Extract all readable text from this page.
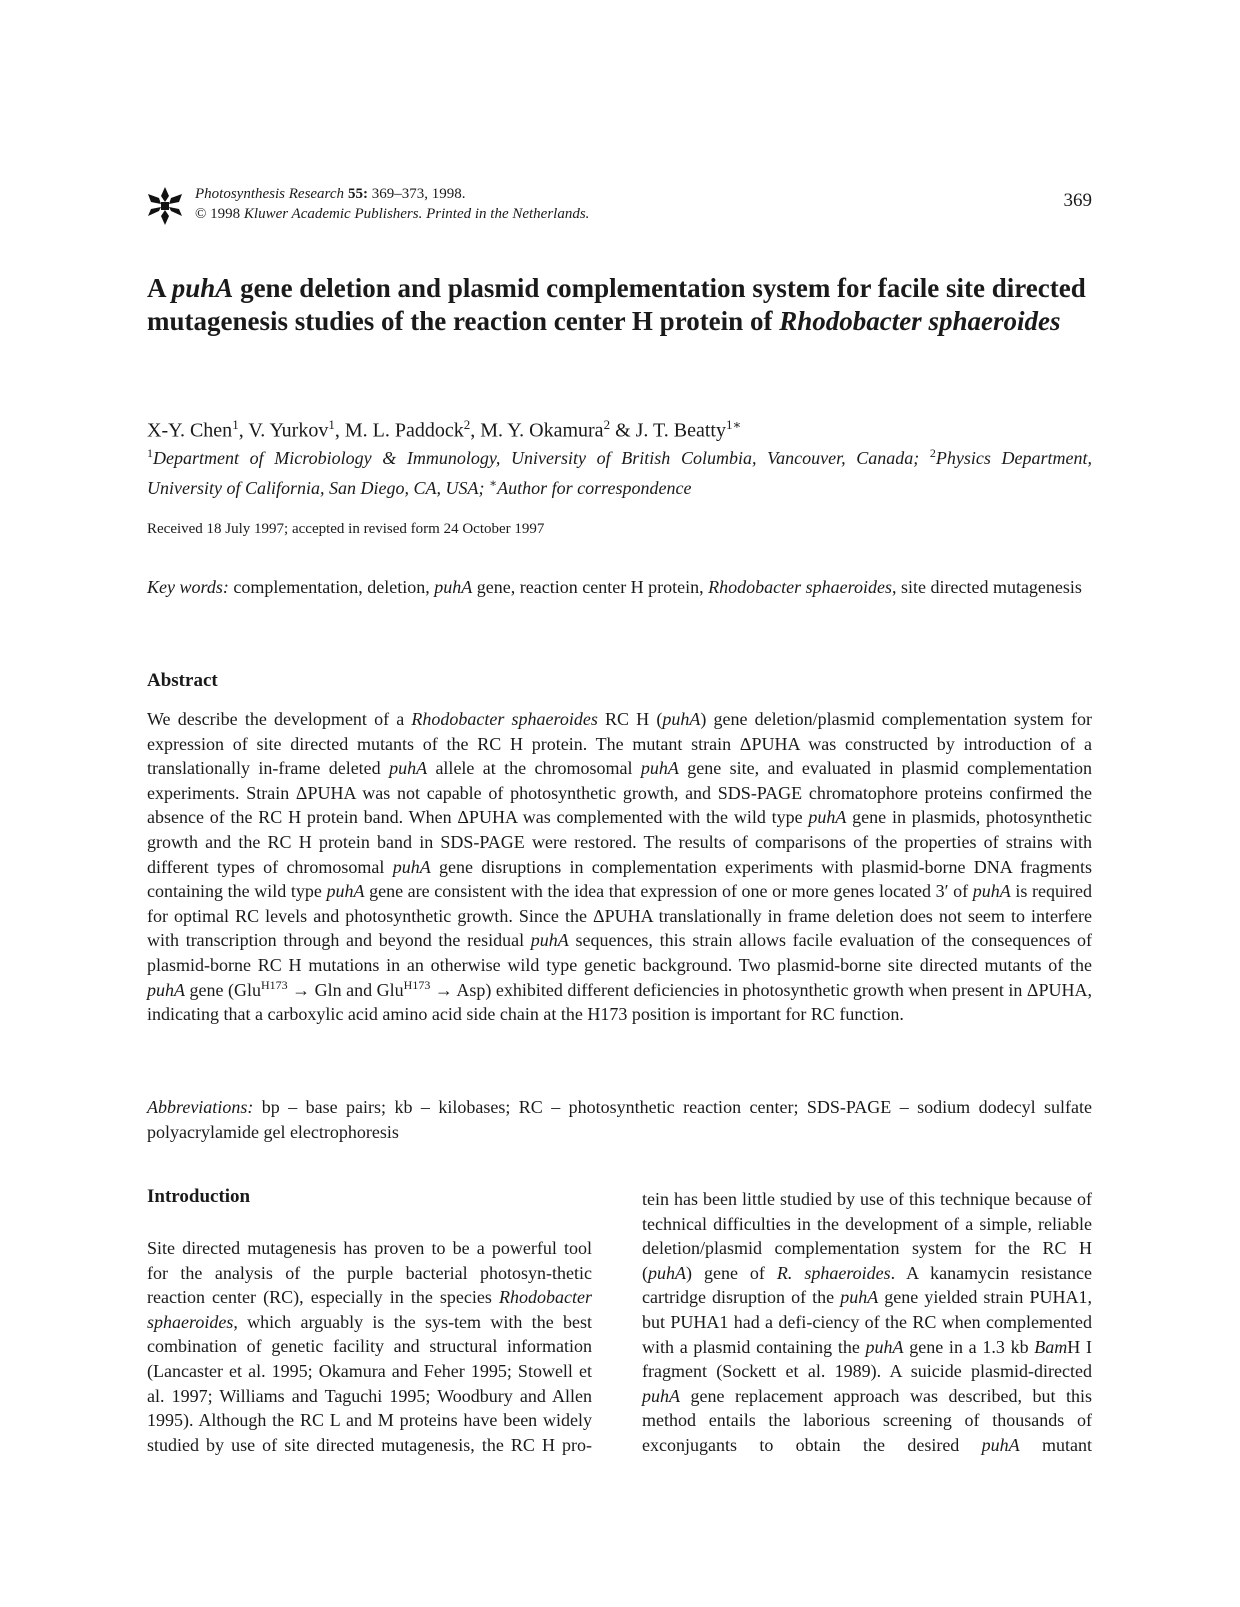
Photosynthesis Research 55: 369–373, 1998.
© 1998 Kluwer Academic Publishers. Printed in the Netherlands.
369
A puhA gene deletion and plasmid complementation system for facile site directed mutagenesis studies of the reaction center H protein of Rhodobacter sphaeroides
X-Y. Chen$^1$, V. Yurkov$^1$, M. L. Paddock$^2$, M. Y. Okamura$^2$ & J. T. Beatty$^{1∗}$
$^1$Department of Microbiology & Immunology, University of British Columbia, Vancouver, Canada; $^2$Physics Department, University of California, San Diego, CA, USA; ∗Author for correspondence
Received 18 July 1997; accepted in revised form 24 October 1997
Key words: complementation, deletion, puhA gene, reaction center H protein, Rhodobacter sphaeroides, site directed mutagenesis
Abstract

We describe the development of a Rhodobacter sphaeroides RC H (puhA) gene deletion/plasmid complementation system for expression of site directed mutants of the RC H protein. The mutant strain ΔPUHA was constructed by introduction of a translationally in-frame deleted puhA allele at the chromosomal puhA gene site, and evaluated in plasmid complementation experiments. Strain ΔPUHA was not capable of photosynthetic growth, and SDS-PAGE chromatophore proteins confirmed the absence of the RC H protein band. When ΔPUHA was complemented with the wild type puhA gene in plasmids, photosynthetic growth and the RC H protein band in SDS-PAGE were restored. The results of comparisons of the properties of strains with different types of chromosomal puhA gene disruptions in complementation experiments with plasmid-borne DNA fragments containing the wild type puhA gene are consistent with the idea that expression of one or more genes located 3′ of puhA is required for optimal RC levels and photosynthetic growth. Since the ΔPUHA translationally in frame deletion does not seem to interfere with transcription through and beyond the residual puhA sequences, this strain allows facile evaluation of the consequences of plasmid-borne RC H mutations in an otherwise wild type genetic background. Two plasmid-borne site directed mutants of the puhA gene (Glu$^{H173}$ → Gln and Glu$^{H173}$ → Asp) exhibited different deficiencies in photosynthetic growth when present in ΔPUHA, indicating that a carboxylic acid amino acid side chain at the H173 position is important for RC function.

Abbreviations: bp – base pairs; kb – kilobases; RC – photosynthetic reaction center; SDS-PAGE – sodium dodecyl sulfate polyacrylamide gel electrophoresis

Introduction

Site directed mutagenesis has proven to be a powerful tool for the analysis of the purple bacterial photosyn-thetic reaction center (RC), especially in the species Rhodobacter sphaeroides, which arguably is the sys-tem with the best combination of genetic facility and structural information (Lancaster et al. 1995; Okamura and Feher 1995; Stowell et al. 1997; Williams and Taguchi 1995; Woodbury and Allen 1995). Although the RC L and M proteins have been widely studied by use of site directed mutagenesis, the RC H pro-

tein has been little studied by use of this technique because of technical difficulties in the development of a simple, reliable deletion/plasmid complementation system for the RC H (puhA) gene of R. sphaeroides. A kanamycin resistance cartridge disruption of the puhA gene yielded strain PUHA1, but PUHA1 had a defi-ciency of the RC when complemented with a plasmid containing the puhA gene in a 1.3 kb BamH I fragment (Sockett et al. 1989). A suicide plasmid-directed puhA gene replacement approach was described, but this method entails the laborious screening of thousands of exconjugants to obtain the desired puhA mutant
